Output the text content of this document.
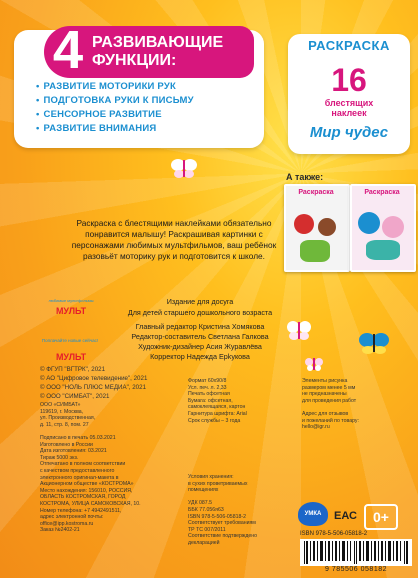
4 РАЗВИВАЮЩИЕ
ФУНКЦИИ:
• РАЗВИТИЕ МОТОРИКИ РУК
• ПОДГОТОВКА РУКИ К ПИСЬМУ
• СЕНСОРНОЕ РАЗВИТИЕ
• РАЗВИТИЕ ВНИМАНИЯ
РАСКРАСКА
16
блестящих
наклеек
Мир чудес
А также:
Раскраска	Раскраска
Раскраска с блестящими наклейками обязательно понравится малышу! Раскрашивая картинки с персонажами любимых мультфильмов, ваш ребёнок разовьёт моторику рук и подготовится к школе.
любимые мультфильмы
МУЛЬТ
Поплачайте новые сейчас!
МУЛЬТ
Издание для досуга
Для детей старшего дошкольного возраста
Главный редактор Кристина Хомякова
Редактор-составитель Светлана Галкова
Художник-дизайнер Асия Журавлёва
Корректор Надежда Ерkукова
© ФГУП "ВГТРК", 2021
© АО "Цифровое телевидение", 2021
© ООО "НОЛЬ ПЛЮС МЕДИА", 2021
© ООО "СИМБАТ", 2021
ООО «СИМБАТ»
119619, г. Москва,
ул. Производственная,
д. 11, стр. 8, пом. 27

Подписано в печать 05.03.2021
Изготовлено в России
Дата изготовления: 03.2021
Тираж 5000 экз.
Отпечатано в полном соответствии
с качеством предоставленного
электронного оригинал-макета в
Акционерном обществе «КОСТРОМА»
Место нахождения: 156010, РОССИЯ,
ОБЛАСТЬ КОСТРОМСКАЯ, ГОРОД
КОСТРОМА, УЛИЦА САМОКОВСКАЯ, 10.
Номер телефона: +7 4942491511,
адрес электронной почты:
office@ipp.kostroma.ru
Заказ №2402-21
Формат 60x90/8
Усл. печ. л. 2,33
Печать офсетная
Бумага: офсетная,
самоклеящаяся, картон
Гарнитура шрифта: Arial
Срок службы – 3 года
Условия хранения:
в сухих проветриваемых
помещениях

УДК 087.5
ББК 77.056я63
ISBN 978-5-506-05818-2
Соответствует требованиям
ТР ТС 007/2011
Соответствие подтверждено
декларацией
Элементы рисунка
размером менее 5 мм
не предназначены
для проведения работ

Адрес для отзывов
и пожеланий по товару:
hello@igr.ru
УМКА	ЕАС	0+
ISBN 978-5-506-05818-2
9 785506 058182
